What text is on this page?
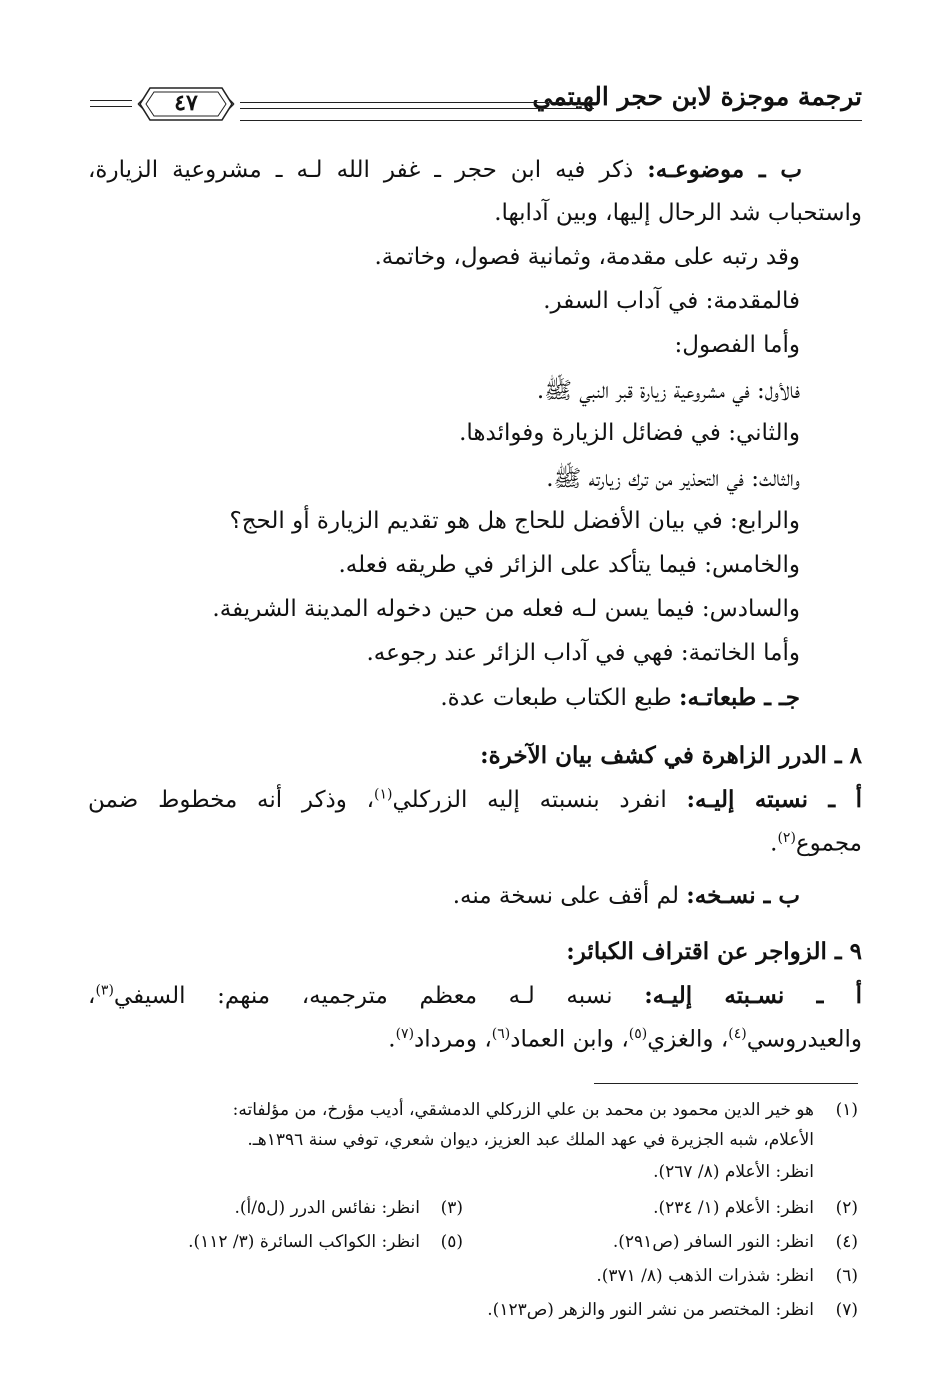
ترجمة موجزة لابن حجر الهيتمي
٤٧
ب ـ موضوعـه: ذكر فيه ابن حجر ـ غفر الله لـه ـ مشروعية الزيارة،
واستحباب شد الرحال إليها، وبين آدابها.
وقد رتبه على مقدمة، وثمانية فصول، وخاتمة.
فالمقدمة: في آداب السفر.
وأما الفصول:
فالأول: في مشروعية زيارة قبر النبي ﷺ.
والثاني: في فضائل الزيارة وفوائدها.
والثالث: في التحذير من ترك زيارته ﷺ.
والرابع: في بيان الأفضل للحاج هل هو تقديم الزيارة أو الحج؟
والخامس: فيما يتأكد على الزائر في طريقه فعله.
والسادس: فيما يسن لـه فعله من حين دخوله المدينة الشريفة.
وأما الخاتمة: فهي في آداب الزائر عند رجوعه.
جـ ـ طبعاتـه: طبع الكتاب طبعات عدة.
٨ ـ الدرر الزاهرة في كشف بيان الآخرة:
أ ـ نسبته إليـه: انفرد بنسبته إليه الزركلي$^{(١)}$، وذكر أنه مخطوط ضمن
مجموع$^{(٢)}$.
ب ـ نسـخه: لم أقف على نسخة منه.
٩ ـ الزواجر عن اقتراف الكبائر:
أ ـ نسـبته إليـه: نسبه لـه معظم مترجميه، منهم: السيفي$^{(٣)}$،
والعيدروسي$^{(٤)}$، والغزي$^{(٥)}$، وابن العماد$^{(٦)}$، ومرداد$^{(٧)}$.
(١)
هو خير الدين محمود بن محمد بن علي الزركلي الدمشقي، أديب مؤرخ، من مؤلفاته:
الأعلام، شبه الجزيرة في عهد الملك عبد العزيز، ديوان شعري، توفي سنة ١٣٩٦هـ.
انظر: الأعلام (٨/ ٢٦٧).
(٢)
انظر: الأعلام (١/ ٢٣٤).
(٣)
انظر: نفائس الدرر (ل٥/أ).
(٤)
انظر: النور السافر (ص٢٩١).
(٥)
انظر: الكواكب السائرة (٣/ ١١٢).
(٦)
انظر: شذرات الذهب (٨/ ٣٧١).
(٧)
انظر: المختصر من نشر النور والزهر (ص١٢٣).
